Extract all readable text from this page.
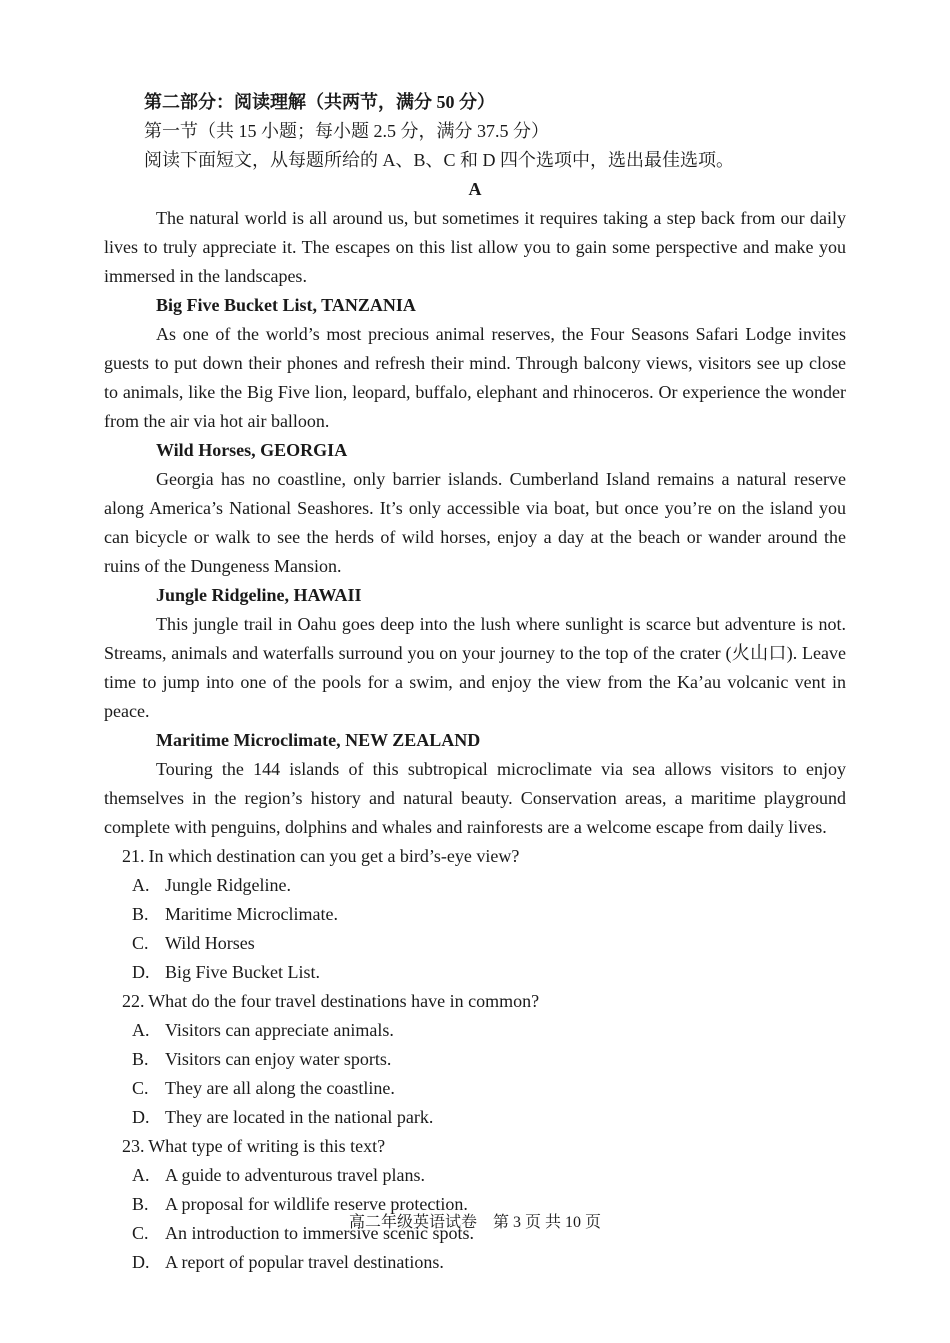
第二部分：阅读理解（共两节，满分 50 分）
第一节（共 15 小题；每小题 2.5 分，满分 37.5 分）
阅读下面短文，从每题所给的 A、B、C 和 D 四个选项中，选出最佳选项。
A
The natural world is all around us, but sometimes it requires taking a step back from our daily lives to truly appreciate it. The escapes on this list allow you to gain some perspective and make you immersed in the landscapes.
Big Five Bucket List, TANZANIA
As one of the world’s most precious animal reserves, the Four Seasons Safari Lodge invites guests to put down their phones and refresh their mind. Through balcony views, visitors see up close to animals, like the Big Five lion, leopard, buffalo, elephant and rhinoceros. Or experience the wonder from the air via hot air balloon.
Wild Horses, GEORGIA
Georgia has no coastline, only barrier islands. Cumberland Island remains a natural reserve along America’s National Seashores. It’s only accessible via boat, but once you’re on the island you can bicycle or walk to see the herds of wild horses, enjoy a day at the beach or wander around the ruins of the Dungeness Mansion.
Jungle Ridgeline, HAWAII
This jungle trail in Oahu goes deep into the lush where sunlight is scarce but adventure is not. Streams, animals and waterfalls surround you on your journey to the top of the crater (火山口). Leave time to jump into one of the pools for a swim, and enjoy the view from the Ka’au volcanic vent in peace.
Maritime Microclimate, NEW ZEALAND
Touring the 144 islands of this subtropical microclimate via sea allows visitors to enjoy themselves in the region’s history and natural beauty. Conservation areas, a maritime playground complete with penguins, dolphins and whales and rainforests are a welcome escape from daily lives.
21. In which destination can you get a bird’s-eye view?
A. Jungle Ridgeline.
B. Maritime Microclimate.
C. Wild Horses
D. Big Five Bucket List.
22. What do the four travel destinations have in common?
A. Visitors can appreciate animals.
B. Visitors can enjoy water sports.
C. They are all along the coastline.
D. They are located in the national park.
23. What type of writing is this text?
A. A guide to adventurous travel plans.
B. A proposal for wildlife reserve protection.
C. An introduction to immersive scenic spots.
D. A report of popular travel destinations.
高二年级英语试卷　第 3 页 共 10 页
